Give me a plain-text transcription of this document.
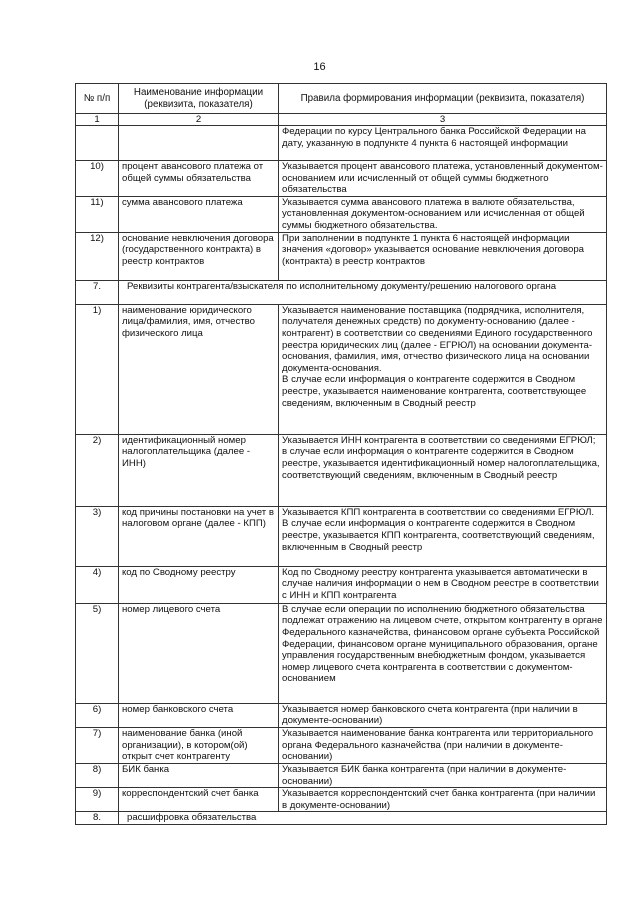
16
№ п/п	Наименование информации (реквизита, показателя)	Правила формирования информации (реквизита, показателя)
1	2	3

		Федерации по курсу Центрального банка Российской Федерации на дату, указанную в подпункте 4 пункта 6 настоящей информации

10)	процент авансового платежа от общей суммы обязательства	Указывается процент авансового платежа, установленный документом-основанием или исчисленный от общей суммы бюджетного обязательства

11)	сумма авансового платежа	Указывается сумма авансового платежа в валюте обязательства, установленная документом-основанием или исчисленная от общей суммы бюджетного обязательства.

12)	основание невключения договора (государственного контракта) в реестр контрактов	При заполнении в подпункте 1 пункта 6 настоящей информации значения «договор» указывается основание невключения договора (контракта) в реестр контрактов

7.	Реквизиты контрагента/взыскателя по исполнительному документу/решению налогового органа	
1)	наименование юридического лица/фамилия, имя, отчество физического лица	Указывается наименование поставщика (подрядчика, исполнителя, получателя денежных средств) по документу-основанию (далее - контрагент) в соответствии со сведениями Единого государственного реестра юридических лиц (далее - ЕГРЮЛ) на основании документа-основания, фамилия, имя, отчество физического лица на основании документа-основания.
В случае если информация о контрагенте содержится в Сводном реестре, указывается наименование контрагента, соответствующее сведениям, включенным в Сводный реестр

2)	идентификационный номер налогоплательщика (далее - ИНН)	Указывается ИНН контрагента в соответствии со сведениями ЕГРЮЛ;
в случае если информация о контрагенте содержится в Сводном реестре, указывается идентификационный номер налогоплательщика, соответствующий сведениям, включенным в Сводный реестр

3)	код причины постановки на учет в налоговом органе (далее - КПП)	Указывается КПП контрагента в соответствии со сведениями ЕГРЮЛ.
В случае если информация о контрагенте содержится в Сводном реестре, указывается КПП контрагента, соответствующий сведениям, включенным в Сводный реестр

4)	код по Сводному реестру	Код по Сводному реестру контрагента указывается автоматически в случае наличия информации о нем в Сводном реестре в соответствии с ИНН и КПП контрагента

5)	номер лицевого счета	В случае если операции по исполнению бюджетного обязательства подлежат отражению на лицевом счете, открытом контрагенту в органе Федерального казначейства, финансовом органе субъекта Российской Федерации, финансовом органе муниципального образования, органе управления государственным внебюджетным фондом, указывается номер лицевого счета контрагента в соответствии с документом-основанием

6)	номер банковского счета	Указывается номер банковского счета контрагента (при наличии в документе-основании)

7)	наименование банка (иной организации), в котором(ой) открыт счет контрагенту	Указывается наименование банка контрагента или территориального органа Федерального казначейства (при наличии в документе-основании)

8)	БИК банка	Указывается БИК банка контрагента (при наличии в документе-основании)

9)	корреспондентский счет банка	Указывается корреспондентский счет банка контрагента (при наличии в документе-основании)

8.	расшифровка обязательства	
